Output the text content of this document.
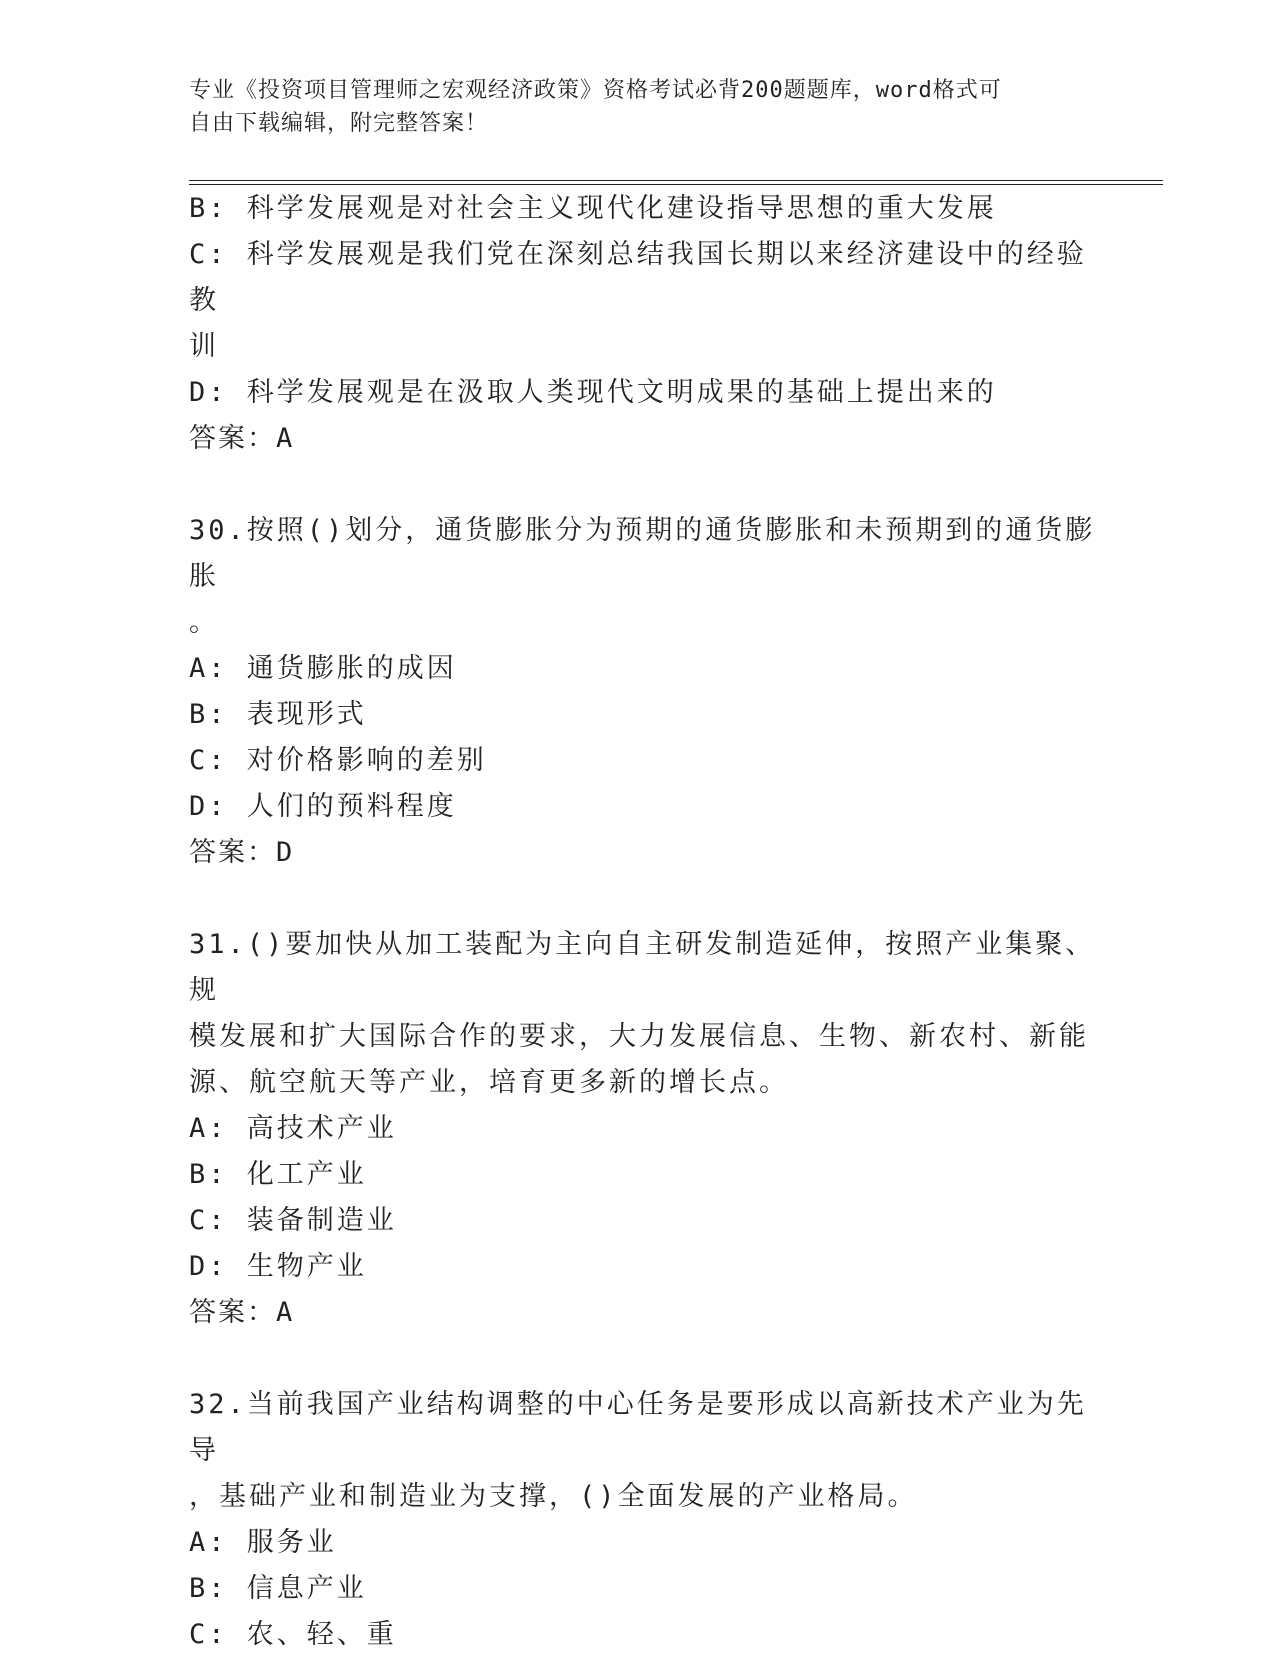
专业《投资项目管理师之宏观经济政策》资格考试必背200题题库，word格式可
自由下载编辑，附完整答案！
B: 科学发展观是对社会主义现代化建设指导思想的重大发展
C: 科学发展观是我们党在深刻总结我国长期以来经济建设中的经验教
训
D: 科学发展观是在汲取人类现代文明成果的基础上提出来的
答案：A
30.按照()划分，通货膨胀分为预期的通货膨胀和未预期到的通货膨胀
。
A: 通货膨胀的成因
B: 表现形式
C: 对价格影响的差别
D: 人们的预料程度
答案：D
31.()要加快从加工装配为主向自主研发制造延伸，按照产业集聚、规
模发展和扩大国际合作的要求，大力发展信息、生物、新农村、新能
源、航空航天等产业，培育更多新的增长点。
A: 高技术产业
B: 化工产业
C: 装备制造业
D: 生物产业
答案：A
32.当前我国产业结构调整的中心任务是要形成以高新技术产业为先导
，基础产业和制造业为支撑，()全面发展的产业格局。
A: 服务业
B: 信息产业
C: 农、轻、重
